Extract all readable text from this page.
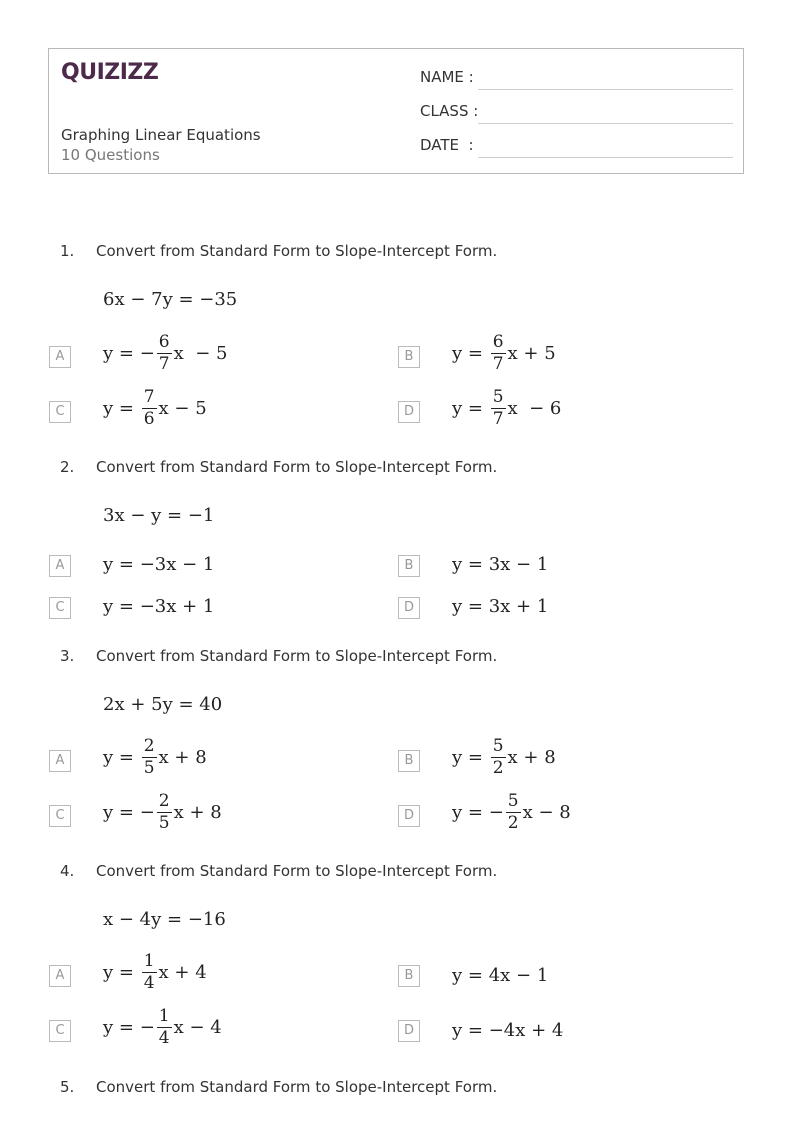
QUIZIZZ
Graphing Linear Equations
10 Questions
NAME :
CLASS :
DATE  :
1. Convert from Standard Form to Slope-Intercept Form.
6x − 7y = −35
A	y = − $\frac{6}{7}$ x  − 5	B	$y = \frac{6}{7}$ x + 5
C	$y = \frac{7}{6}$ x − 5	D	$y = \frac{5}{7}$ x  − 6
2. Convert from Standard Form to Slope-Intercept Form.
3x − y = −1
A	y = −3x − 1	B	y = 3x − 1
C	y = −3x + 1	D	y = 3x + 1
3. Convert from Standard Form to Slope-Intercept Form.
2x + 5y = 40
A	$y = \frac{2}{5}$ x + 8	B	$y = \frac{5}{2}$ x + 8
C	y = − $\frac{2}{5}$ x + 8	D	y = − $\frac{5}{2}$ x − 8
4. Convert from Standard Form to Slope-Intercept Form.
x − 4y = −16
A	$y = \frac{1}{4}$ x + 4	B	y = 4x − 1
C	y = − $\frac{1}{4}$ x − 4	D	y = −4x + 4
5. Convert from Standard Form to Slope-Intercept Form.
